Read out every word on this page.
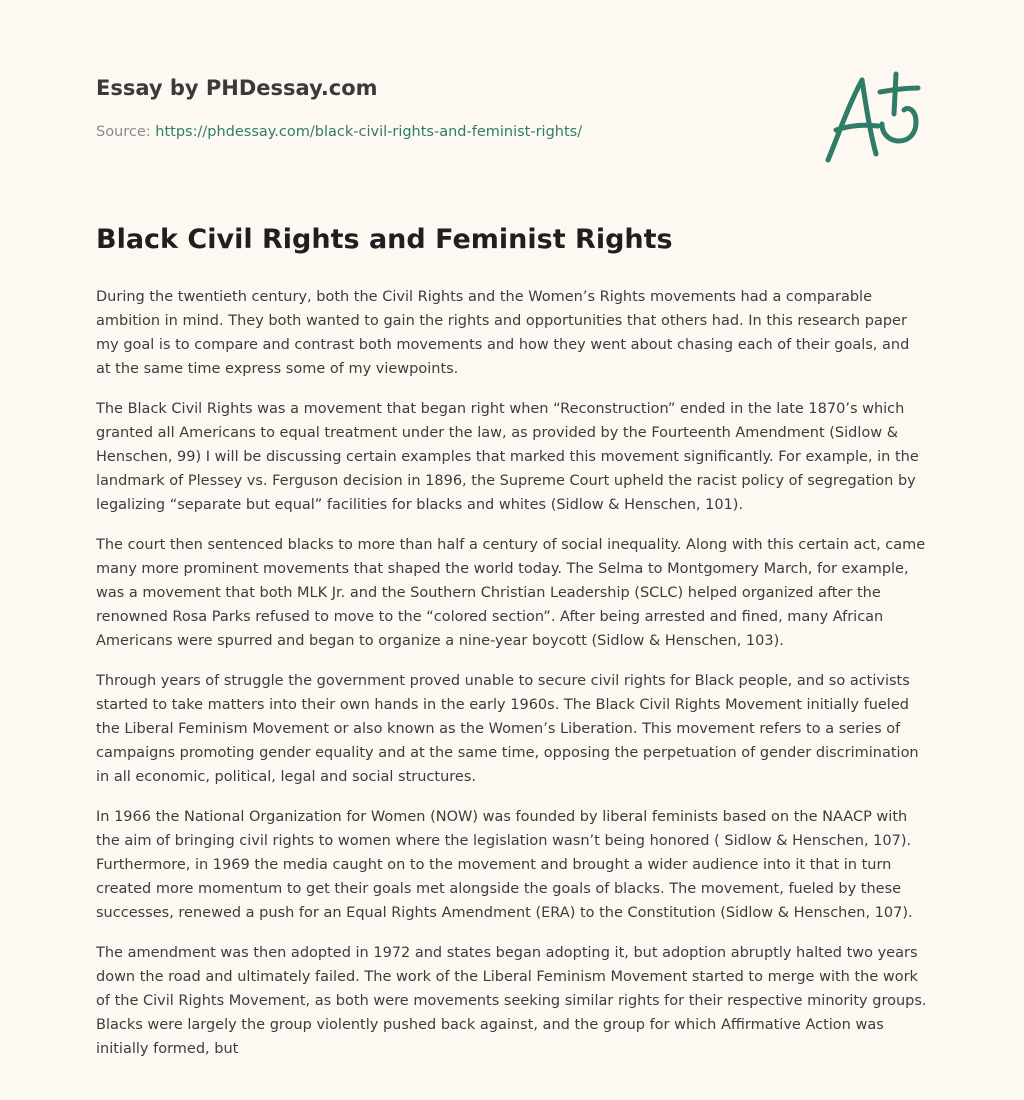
Essay by PHDessay.com
Source: https://phdessay.com/black-civil-rights-and-feminist-rights/
Black Civil Rights and Feminist Rights

During the twentieth century, both the Civil Rights and the Women’s Rights movements had a comparable ambition in mind. They both wanted to gain the rights and opportunities that others had. In this research paper my goal is to compare and contrast both movements and how they went about chasing each of their goals, and at the same time express some of my viewpoints.

The Black Civil Rights was a movement that began right when “Reconstruction” ended in the late 1870’s which granted all Americans to equal treatment under the law, as provided by the Fourteenth Amendment (Sidlow & Henschen, 99) I will be discussing certain examples that marked this movement significantly. For example, in the landmark of Plessey vs. Ferguson decision in 1896, the Supreme Court upheld the racist policy of segregation by legalizing “separate but equal” facilities for blacks and whites (Sidlow & Henschen, 101).

The court then sentenced blacks to more than half a century of social inequality. Along with this certain act, came many more prominent movements that shaped the world today. The Selma to Montgomery March, for example, was a movement that both MLK Jr. and the Southern Christian Leadership (SCLC) helped organized after the renowned Rosa Parks refused to move to the “colored section”. After being arrested and fined, many African Americans were spurred and began to organize a nine-year boycott (Sidlow & Henschen, 103).

Through years of struggle the government proved unable to secure civil rights for Black people, and so activists started to take matters into their own hands in the early 1960s. The Black Civil Rights Movement initially fueled the Liberal Feminism Movement or also known as the Women’s Liberation. This movement refers to a series of campaigns promoting gender equality and at the same time, opposing the perpetuation of gender discrimination in all economic, political, legal and social structures.

In 1966 the National Organization for Women (NOW) was founded by liberal feminists based on the NAACP with the aim of bringing civil rights to women where the legislation wasn’t being honored ( Sidlow & Henschen, 107). Furthermore, in 1969 the media caught on to the movement and brought a wider audience into it that in turn created more momentum to get their goals met alongside the goals of blacks. The movement, fueled by these successes, renewed a push for an Equal Rights Amendment (ERA) to the Constitution (Sidlow & Henschen, 107).

The amendment was then adopted in 1972 and states began adopting it, but adoption abruptly halted two years down the road and ultimately failed. The work of the Liberal Feminism Movement started to merge with the work of the Civil Rights Movement, as both were movements seeking similar rights for their respective minority groups. Blacks were largely the group violently pushed back against, and the group for which Affirmative Action was initially formed, but
